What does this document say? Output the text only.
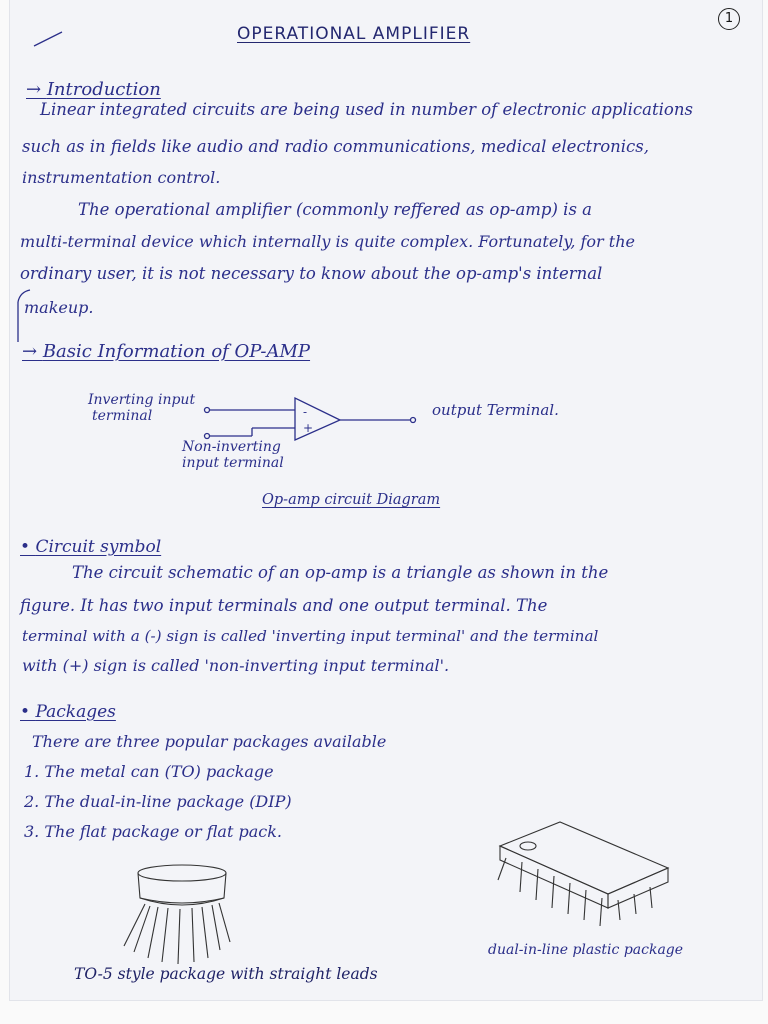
1
OPERATIONAL AMPLIFIER
→ Introduction
Linear integrated circuits are being used in number of electronic applications
such as in fields like audio and radio communications, medical electronics,
instrumentation control.
The operational amplifier (commonly reffered as op-amp) is a
multi-terminal device which internally is quite complex. Fortunately, for the
ordinary user, it is not necessary to know about the op-amp's internal
makeup.
→ Basic Information of OP-AMP
Inverting input
terminal
Non-inverting
input terminal
output Terminal.
-
+
Op-amp circuit Diagram
• Circuit symbol
The circuit schematic of an op-amp is a triangle as shown in the
figure. It has two input terminals and one output terminal. The
terminal with a (-) sign is called 'inverting input terminal' and the terminal
with (+) sign is called 'non-inverting input terminal'.
• Packages
There are three popular packages available
1. The metal can (TO) package
2. The dual-in-line package (DIP)
3. The flat package or flat pack.
TO-5 style package with straight leads
dual-in-line plastic package
